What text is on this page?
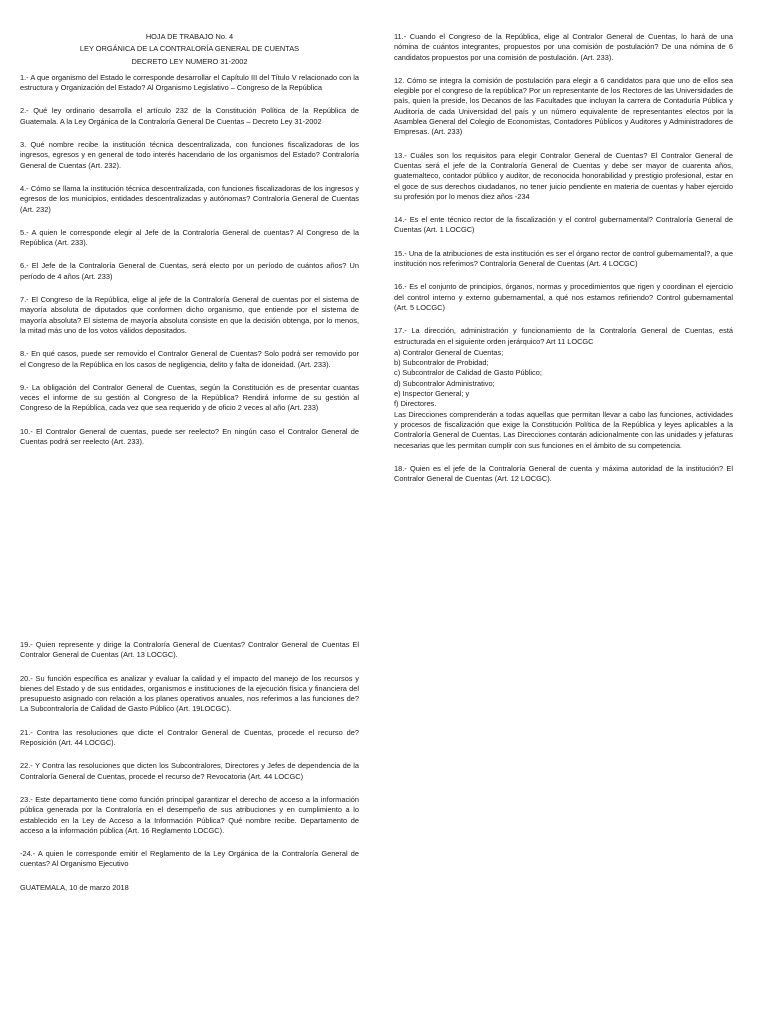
HOJA DE TRABAJO No. 4
LEY ORGÁNICA DE LA CONTRALORÍA GENERAL DE CUENTAS
DECRETO LEY NUMERO 31-2002

1.- A que organismo del Estado le corresponde desarrollar el Capítulo III del Título V relacionado con la estructura y Organización del Estado? Al Organismo Legislativo – Congreso de la República

2.- Qué ley ordinario desarrolla el artículo 232 de la Constitución Política de la República de Guatemala. A la Ley Orgánica de la Contraloría General De Cuentas – Decreto Ley 31-2002

3. Qué nombre recibe la institución técnica descentralizada, con funciones fiscalizadoras de los ingresos, egresos y en general de todo interés hacendario de los organismos del Estado? Contraloría General de Cuentas (Art. 232).

4.- Cómo se llama la institución técnica descentralizada, con funciones fiscalizadoras de los ingresos y egresos de los municipios, entidades descentralizadas y autónomas? Contraloría General de Cuentas (Art. 232)

5.- A quien le corresponde elegir al Jefe de la Contraloría General de cuentas? Al Congreso de la República (Art. 233).

6.- El Jefe de la Contraloría General de Cuentas, será electo por un período de cuántos años? Un período de 4 años (Art. 233)

7.- El Congreso de la República, elige al jefe de la Contraloría General de cuentas por el sistema de mayoría absoluta de diputados que conformen dicho organismo, que entiende por el sistema de mayoría absoluta? El sistema de mayoría absoluta consiste en que la decisión obtenga, por lo menos, la mitad más uno de los votos válidos depositados.

8.- En qué casos, puede ser removido el Contralor General de Cuentas? Solo podrá ser removido por el Congreso de la República en los casos de negligencia, delito y falta de idoneidad. (Art. 233).

9.- La obligación del Contralor General de Cuentas, según la Constitución es de presentar cuantas veces el informe de su gestión al Congreso de la República? Rendirá informe de su gestión al Congreso de la República, cada vez que sea requerido y de oficio 2 veces al año (Art. 233)

10.- El Contralor General de cuentas, puede ser reelecto? En ningún caso el Contralor General de Cuentas podrá ser reelecto (Art. 233).

11.- Cuando el Congreso de la República, elige al Contralor General de Cuentas, lo hará de una nómina de cuántos integrantes, propuestos por una comisión de postulación? De una nómina de 6 candidatos propuestos por una comisión de postulación. (Art. 233).

12. Cómo se integra la comisión de postulación para elegir a 6 candidatos para que uno de ellos sea elegible por el congreso de la república? Por un representante de los Rectores de las Universidades de país, quien la preside, los Decanos de las Facultades que incluyan la carrera de Contaduría Pública y Auditoría de cada Universidad del país y un número equivalente de representantes electos por la Asamblea General del Colegio de Economistas, Contadores Públicos y Auditores y Administradores de Empresas. (Art. 233)

13.- Cuáles son los requisitos para elegir Contralor General de Cuentas? El Contralor General de Cuentas será el jefe de la Contraloría General de Cuentas y debe ser mayor de cuarenta años, guatemalteco, contador público y auditor, de reconocida honorabilidad y prestigio profesional, estar en el goce de sus derechos ciudadanos, no tener juicio pendiente en materia de cuentas y haber ejercido su profesión por lo menos diez años -234

14.- Es el ente técnico rector de la fiscalización y el control gubernamental? Contraloría General de Cuentas (Art. 1 LOCGC)

15.- Una de la atribuciones de esta institución es ser el órgano rector de control gubernamental?, a que institución nos referimos? Contraloría General de Cuentas (Art. 4 LOCGC)

16.- Es el conjunto de principios, órganos, normas y procedimientos que rigen y coordinan el ejercicio del control interno y externo gubernamental, a qué nos estamos refiriendo? Control gubernamental (Art. 5 LOCGC)

17.- La dirección, administración y funcionamiento de la Contraloría General de Cuentas, está estructurada en el siguiente orden jerárquico? Art 11 LOCGC

a) Contralor General de Cuentas;

b) Subcontralor de Probidad;

c) Subcontralor de Calidad de Gasto Público;

d) Subcontralor Administrativo;

e) Inspector General; y

f) Directores.

Las Direcciones comprenderán a todas aquellas que permitan llevar a cabo las funciones, actividades y procesos de fiscalización que exige la Constitución Política de la República y leyes aplicables a la Contraloría General de Cuentas. Las Direcciones contarán adicionalmente con las unidades y jefaturas necesarias que les permitan cumplir con sus funciones en el ámbito de su competencia.

18.- Quien es el jefe de la Contraloría General de cuenta y máxima autoridad de la institución? El Contralor General de Cuentas (Art. 12 LOCGC).

19.- Quien represente y dirige la Contraloría General de Cuentas? Contralor General de Cuentas El Contralor General de Cuentas (Art. 13 LOCGC).

20.- Su función específica es analizar y evaluar la calidad y el impacto del manejo de los recursos y bienes del Estado y de sus entidades, organismos e instituciones de la ejecución física y financiera del presupuesto asignado con relación a los planes operativos anuales, nos referimos a las funciones de? La Subcontraloría de Calidad de Gasto Público (Art. 19LOCGC).

21.- Contra las resoluciones que dicte el Contralor General de Cuentas, procede el recurso de? Reposición (Art. 44 LOCGC).

22.- Y Contra las resoluciones que dicten los Subcontralores, Directores y Jefes de dependencia de la Contraloría General de Cuentas, procede el recurso de? Revocatoria (Art. 44 LOCGC)

23.- Este departamento tiene como función principal garantizar el derecho de acceso a la información pública generada por la Contraloría en el desempeño de sus atribuciones y en cumplimiento a lo establecido en la Ley de Acceso a la Información Pública? Qué nombre recibe. Departamento de acceso a la información pública (Art. 16 Reglamento LOCGC).

-24.- A quien le corresponde emitir el Reglamento de la Ley Orgánica de la Contraloría General de cuentas? Al Organismo Ejecutivo

GUATEMALA, 10 de marzo 2018
